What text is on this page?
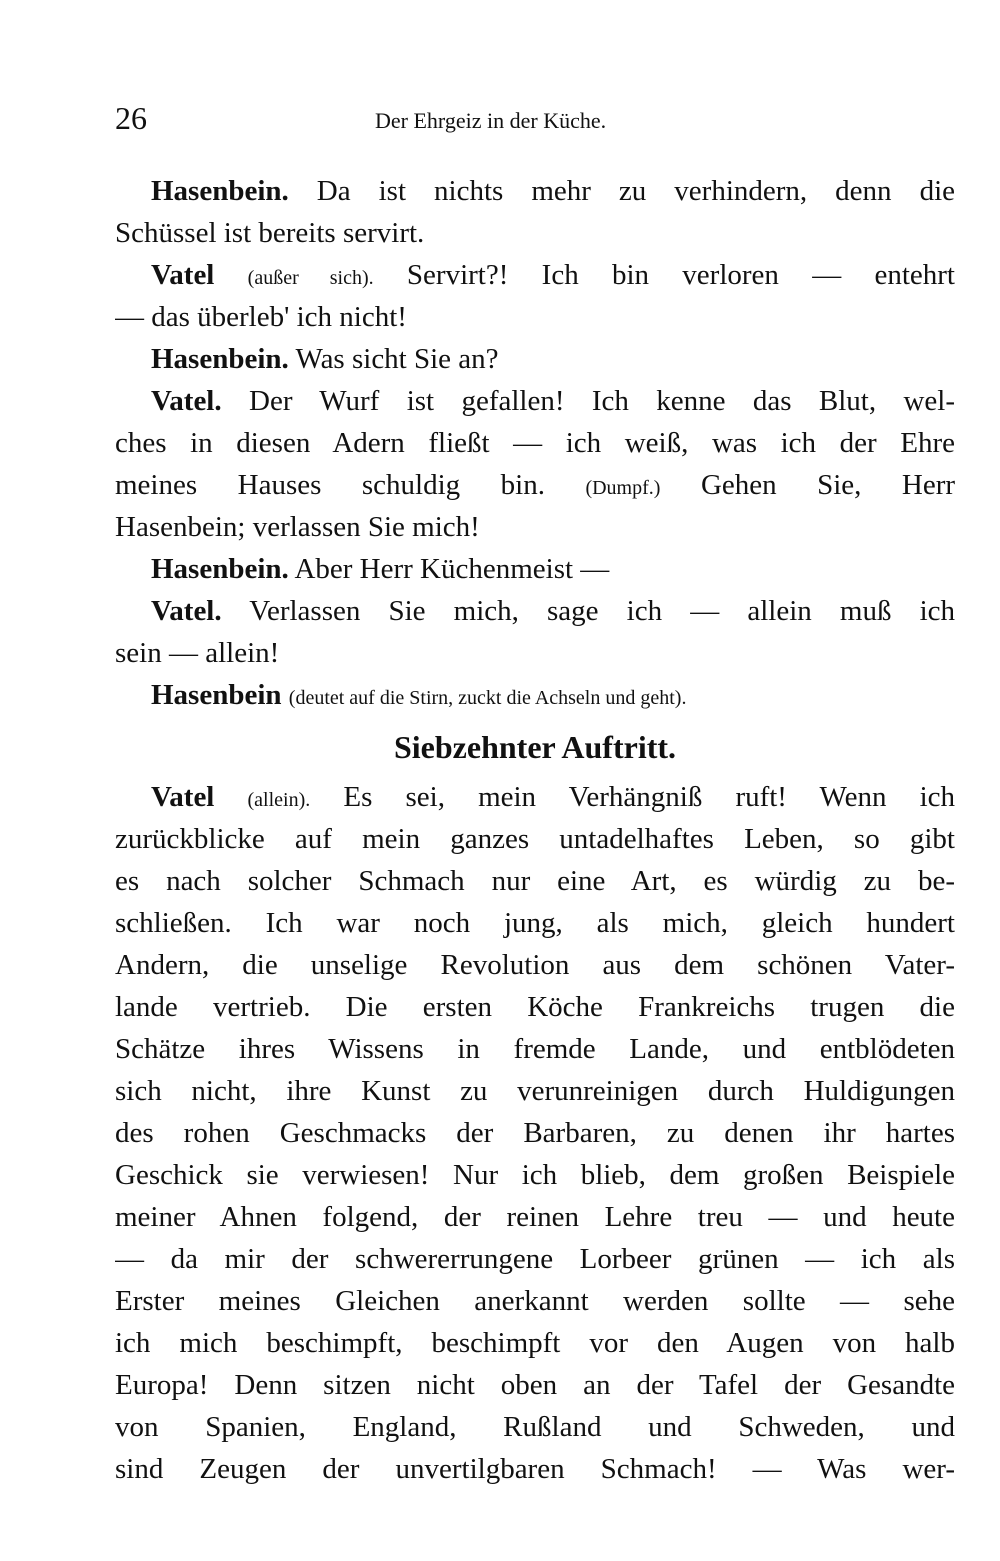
26	Der Ehrgeiz in der Küche.
Hasenbein. Da ist nichts mehr zu verhindern, denn die
Schüssel ist bereits servirt.
Vatel (außer sich). Servirt?! Ich bin verloren — entehrt
— das überleb' ich nicht!
Hasenbein. Was sicht Sie an?
Vatel. Der Wurf ist gefallen! Ich kenne das Blut, wel-
ches in diesen Adern fließt — ich weiß, was ich der Ehre
meines Hauses schuldig bin. (Dumpf.) Gehen Sie, Herr
Hasenbein; verlassen Sie mich!
Hasenbein. Aber Herr Küchenmeist —
Vatel. Verlassen Sie mich, sage ich — allein muß ich
sein — allein!
Hasenbein (deutet auf die Stirn, zuckt die Achseln und geht).
Siebzehnter Auftritt.
Vatel (allein). Es sei, mein Verhängniß ruft! Wenn ich
zurückblicke auf mein ganzes untadelhaftes Leben, so gibt
es nach solcher Schmach nur eine Art, es würdig zu be-
schließen. Ich war noch jung, als mich, gleich hundert
Andern, die unselige Revolution aus dem schönen Vater-
lande vertrieb. Die ersten Köche Frankreichs trugen die
Schätze ihres Wissens in fremde Lande, und entblödeten
sich nicht, ihre Kunst zu verunreinigen durch Huldigungen
des rohen Geschmacks der Barbaren, zu denen ihr hartes
Geschick sie verwiesen! Nur ich blieb, dem großen Beispiele
meiner Ahnen folgend, der reinen Lehre treu — und heute
— da mir der schwererrungene Lorbeer grünen — ich als
Erster meines Gleichen anerkannt werden sollte — sehe
ich mich beschimpft, beschimpft vor den Augen von halb
Europa! Denn sitzen nicht oben an der Tafel der Gesandte
von Spanien, England, Rußland und Schweden, und
sind Zeugen der unvertilgbaren Schmach! — Was wer-
